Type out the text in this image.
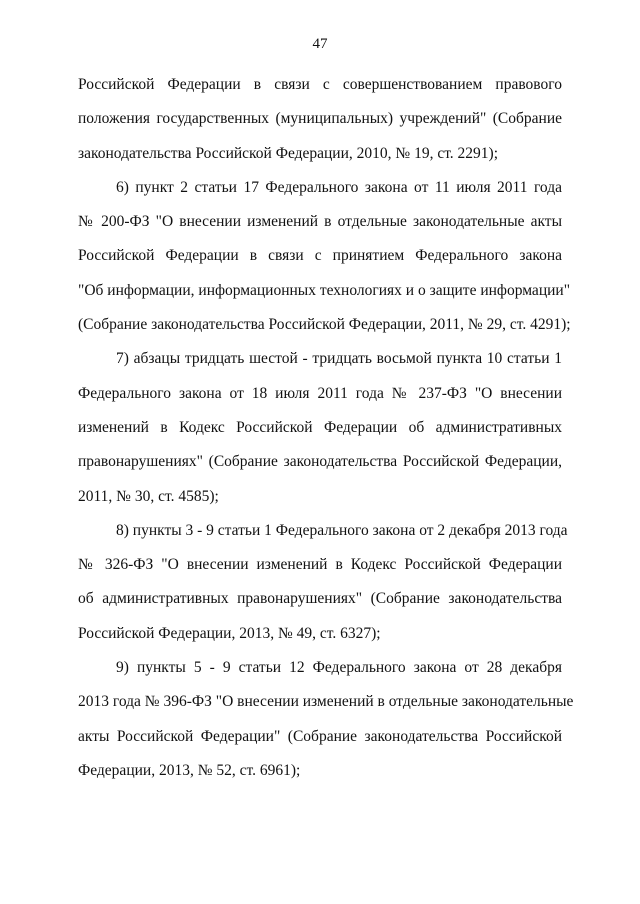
47
Российской Федерации в связи с совершенствованием правового
положения государственных (муниципальных) учреждений" (Собрание
законодательства Российской Федерации, 2010, № 19, ст. 2291);
6) пункт 2 статьи 17 Федерального закона от 11 июля 2011 года
№ 200-ФЗ "О внесении изменений в отдельные законодательные акты
Российской Федерации в связи с принятием Федерального закона
"Об информации, информационных технологиях и о защите информации"
(Собрание законодательства Российской Федерации, 2011, № 29, ст. 4291);
7) абзацы тридцать шестой - тридцать восьмой пункта 10 статьи 1
Федерального закона от 18 июля 2011 года № 237-ФЗ "О внесении
изменений в Кодекс Российской Федерации об административных
правонарушениях" (Собрание законодательства Российской Федерации,
2011, № 30, ст. 4585);
8) пункты 3 - 9 статьи 1 Федерального закона от 2 декабря 2013 года
№ 326-ФЗ "О внесении изменений в Кодекс Российской Федерации
об административных правонарушениях" (Собрание законодательства
Российской Федерации, 2013, № 49, ст. 6327);
9) пункты 5 - 9 статьи 12 Федерального закона от 28 декабря
2013 года № 396-ФЗ "О внесении изменений в отдельные законодательные
акты Российской Федерации" (Собрание законодательства Российской
Федерации, 2013, № 52, ст. 6961);
